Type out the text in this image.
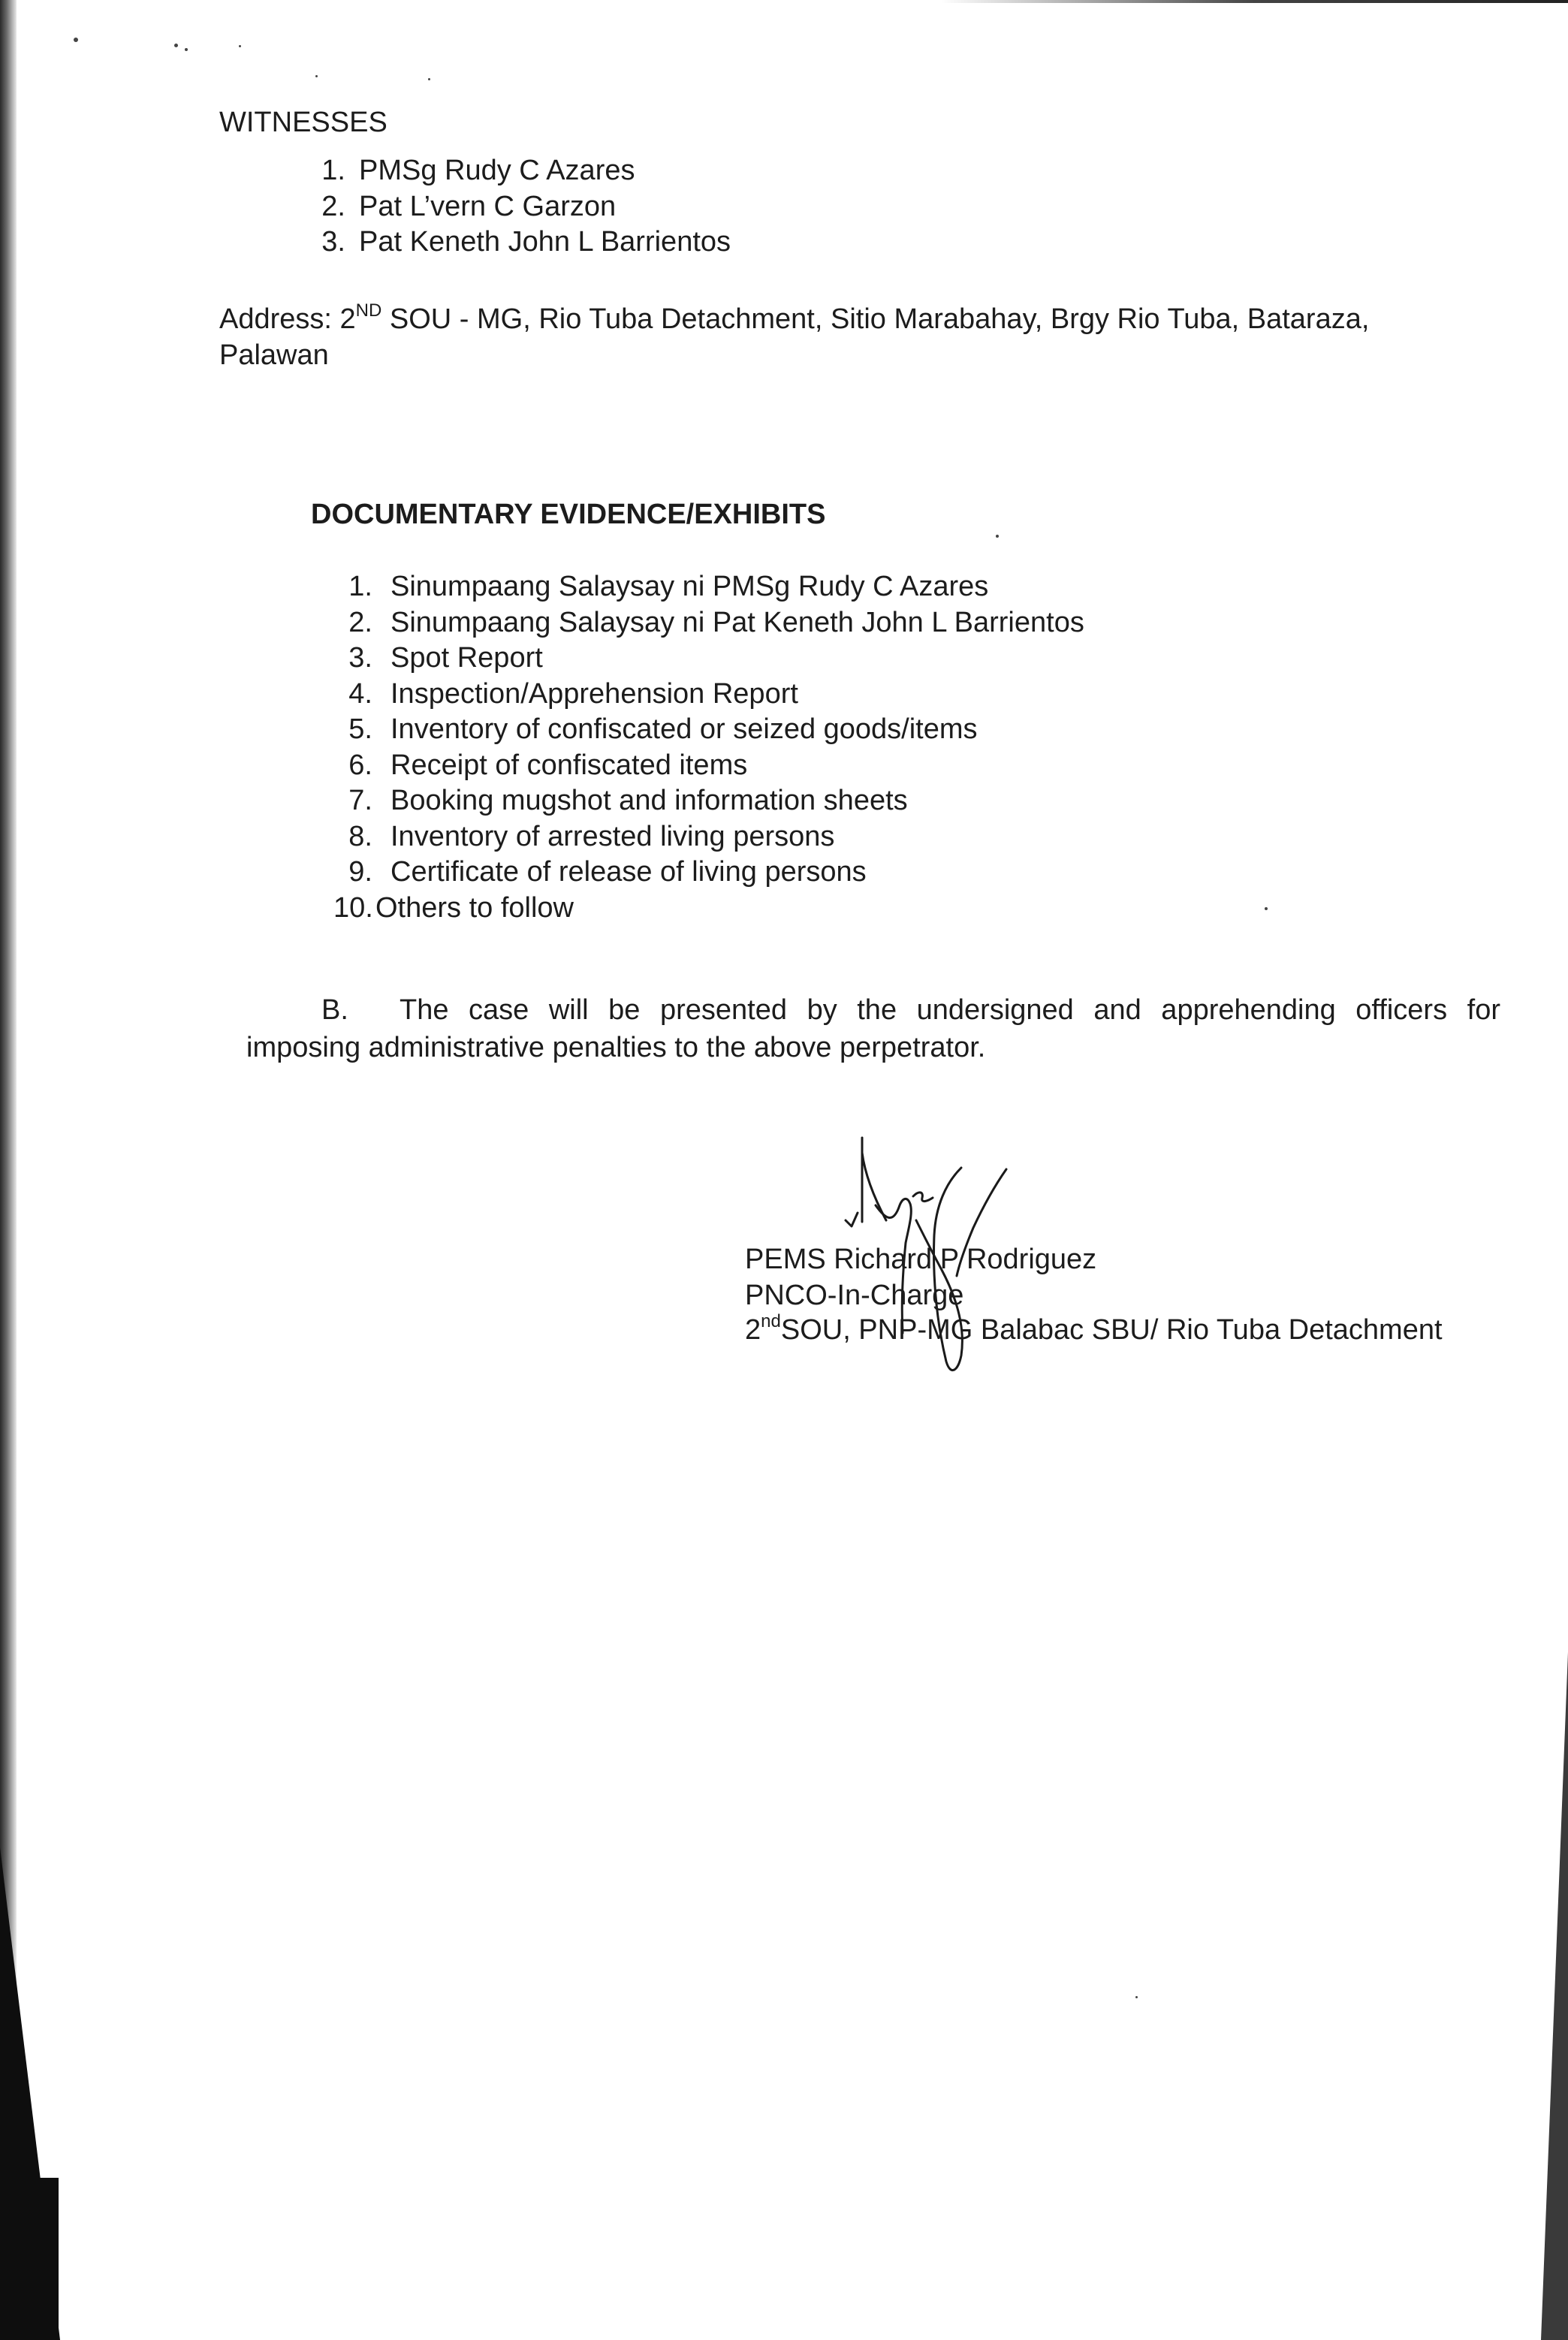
WITNESSES
1. PMSg Rudy C Azares
2. Pat L’vern C Garzon
3. Pat Keneth John L Barrientos
Address: 2ND SOU - MG, Rio Tuba Detachment, Sitio Marabahay, Brgy Rio Tuba, Bataraza,
Palawan
DOCUMENTARY EVIDENCE/EXHIBITS
1. Sinumpaang Salaysay ni PMSg Rudy C Azares
2. Sinumpaang Salaysay ni Pat Keneth John L Barrientos
3. Spot Report
4. Inspection/Apprehension Report
5. Inventory of confiscated or seized goods/items
6. Receipt of confiscated items
7. Booking mugshot and information sheets
8. Inventory of arrested living persons
9. Certificate of release of living persons
10.Others to follow
B. The case will be presented by the undersigned and apprehending officers for
imposing administrative penalties to the above perpetrator.
PEMS Richard P Rodriguez
PNCO-In-Charge
2ndSOU, PNP-MG Balabac SBU/ Rio Tuba Detachment
